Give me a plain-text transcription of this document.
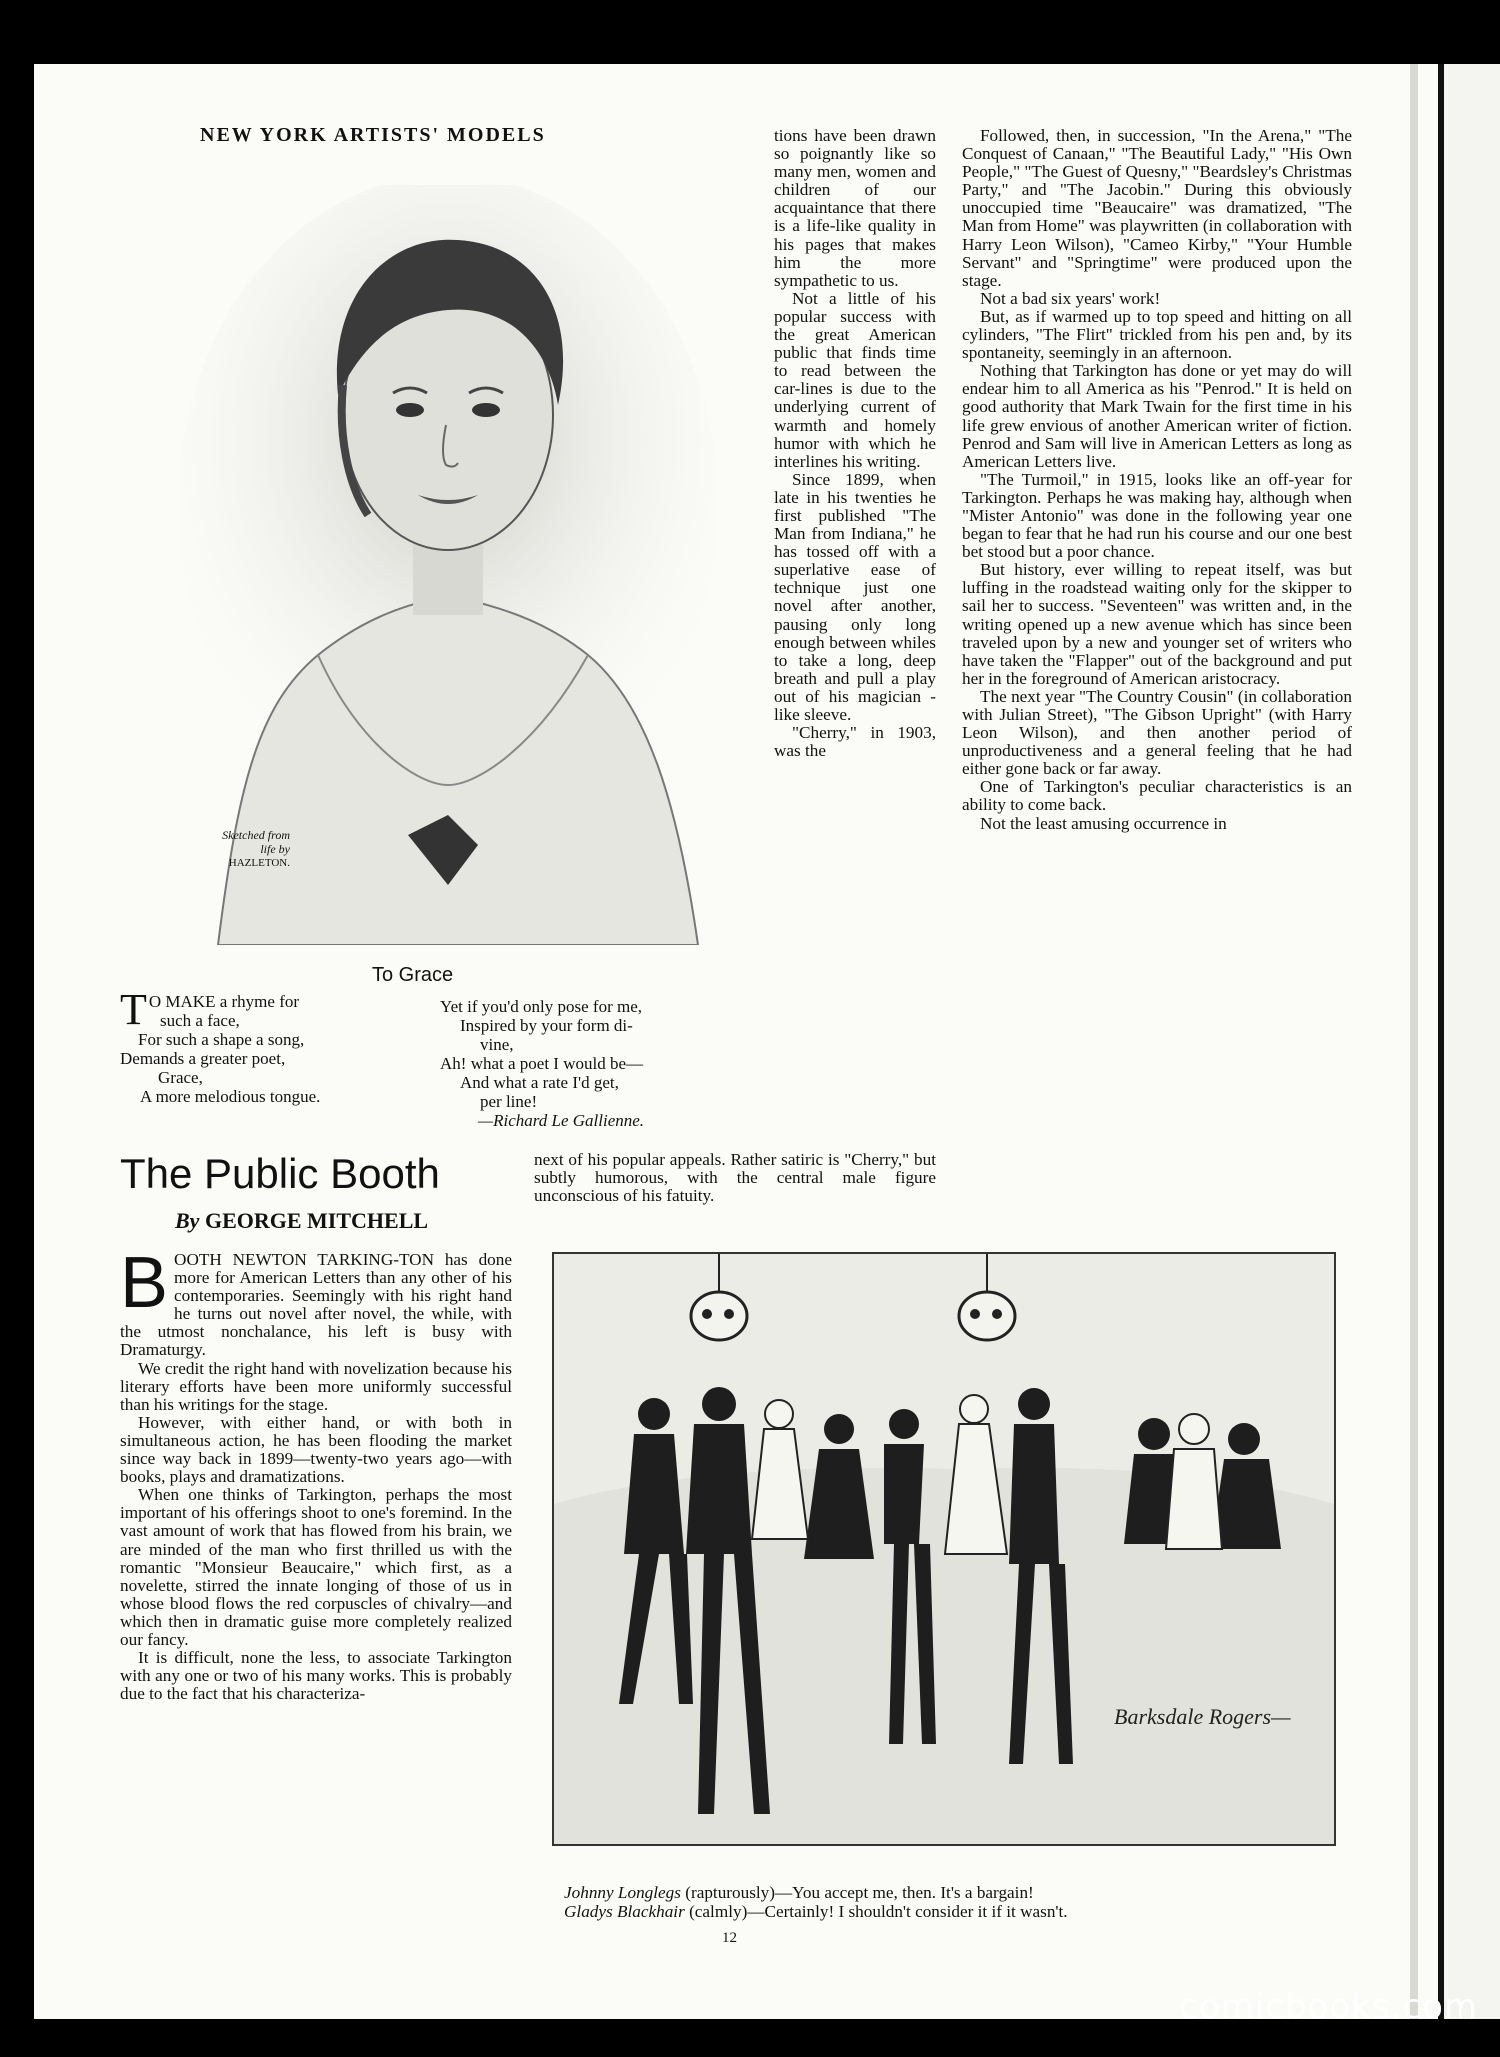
NEW YORK ARTISTS' MODELS
Sketched from
life by
HAZLETON.
To Grace
T O MAKE a rhyme for
such a face,
For such a shape a song,
Demands a greater poet,
Grace,
A more melodious tongue.
Yet if you'd only pose for me,
Inspired by your form di-
vine,
Ah! what a poet I would be—
And what a rate I'd get,
per line!
—Richard Le Gallienne.
The Public Booth
By GEORGE MITCHELL

BOOTH NEWTON TARKING-TON has done more for American Letters than any other of his contemporaries. Seemingly with his right hand he turns out novel after novel, the while, with the utmost nonchalance, his left is busy with Dramaturgy.

We credit the right hand with novelization because his literary efforts have been more uniformly successful than his writings for the stage.

However, with either hand, or with both in simultaneous action, he has been flooding the market since way back in 1899—twenty-two years ago—with books, plays and dramatizations.

When one thinks of Tarkington, perhaps the most important of his offerings shoot to one's foremind. In the vast amount of work that has flowed from his brain, we are minded of the man who first thrilled us with the romantic "Monsieur Beaucaire," which first, as a novelette, stirred the innate longing of those of us in whose blood flows the red corpuscles of chivalry—and which then in dramatic guise more completely realized our fancy.

It is difficult, none the less, to associate Tarkington with any one or two of his many works. This is probably due to the fact that his characteriza-

tions have been drawn so poignantly like so many men, women and children of our acquaintance that there is a life-like quality in his pages that makes him the more sympathetic to us.

Not a little of his popular success with the great American public that finds time to read between the car-lines is due to the underlying current of warmth and homely humor with which he interlines his writing.

Since 1899, when late in his twenties he first published "The Man from Indiana," he has tossed off with a superlative ease of technique just one novel after another, pausing only long enough between whiles to take a long, deep breath and pull a play out of his magician - like sleeve.

"Cherry," in 1903, was the

next of his popular appeals. Rather satiric is "Cherry," but subtly humorous, with the central male figure unconscious of his fatuity.

Followed, then, in succession, "In the Arena," "The Conquest of Canaan," "The Beautiful Lady," "His Own People," "The Guest of Quesny," "Beardsley's Christmas Party," and "The Jacobin." During this obviously unoccupied time "Beaucaire" was dramatized, "The Man from Home" was playwritten (in collaboration with Harry Leon Wilson), "Cameo Kirby," "Your Humble Servant" and "Springtime" were produced upon the stage.

Not a bad six years' work!

But, as if warmed up to top speed and hitting on all cylinders, "The Flirt" trickled from his pen and, by its spontaneity, seemingly in an afternoon.

Nothing that Tarkington has done or yet may do will endear him to all America as his "Penrod." It is held on good authority that Mark Twain for the first time in his life grew envious of another American writer of fiction. Penrod and Sam will live in American Letters as long as American Letters live.

"The Turmoil," in 1915, looks like an off-year for Tarkington. Perhaps he was making hay, although when "Mister Antonio" was done in the following year one began to fear that he had run his course and our one best bet stood but a poor chance.

But history, ever willing to repeat itself, was but luffing in the roadstead waiting only for the skipper to sail her to success. "Seventeen" was written and, in the writing opened up a new avenue which has since been traveled upon by a new and younger set of writers who have taken the "Flapper" out of the background and put her in the foreground of American aristocracy.

The next year "The Country Cousin" (in collaboration with Julian Street), "The Gibson Upright" (with Harry Leon Wilson), and then another period of unproductiveness and a general feeling that he had either gone back or far away.

One of Tarkington's peculiar characteristics is an ability to come back.

Not the least amusing occurrence in

Barksdale Rogers—
Johnny Longlegs (rapturously)—You accept me, then. It's a bargain!
Gladys Blackhair (calmly)—Certainly! I shouldn't consider it if it wasn't.
12
comicbooks.com
